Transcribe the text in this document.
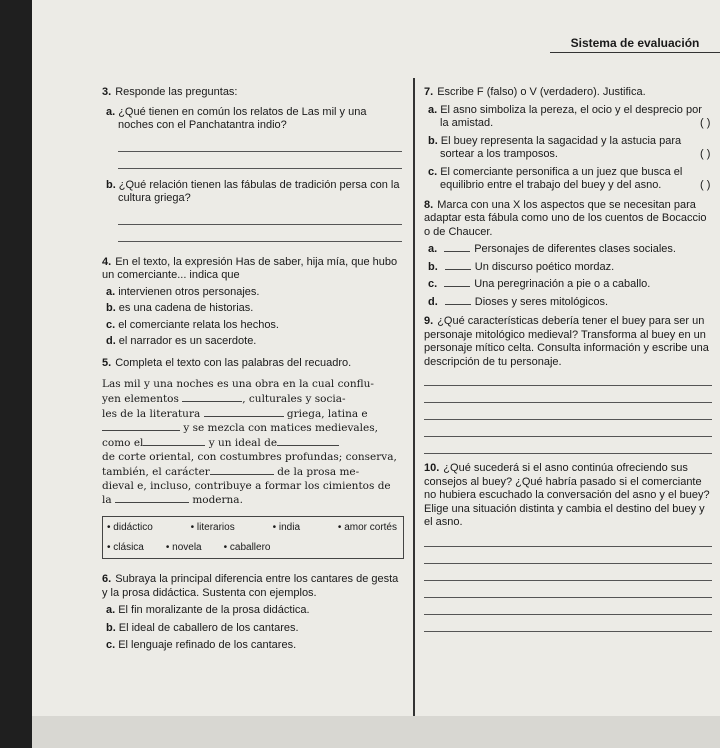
Sistema de evaluación

3. Responde las preguntas:

a. ¿Qué tienen en común los relatos de Las mil y una noches con el Panchatantra indio?

b. ¿Qué relación tienen las fábulas de tradición persa con la cultura griega?

4. En el texto, la expresión Has de saber, hija mía, que hubo un comerciante... indica que

a. intervienen otros personajes.

b. es una cadena de historias.

c. el comerciante relata los hechos.

d. el narrador es un sacerdote.

5. Completa el texto con las palabras del recuadro.

Las mil y una noches es una obra en la cual conflu-
yen elementos	, culturales y socia-
les de la literatura	griega, latina e
y se mezcla con matices medievales,
como el	y un ideal de
de corte oriental, con costumbres profundas; conserva,
también, el carácter	de la prosa me-
dieval e, incluso, contribuye a formar los cimientos de
la	moderna.
• didáctico	• literarios	• india	• amor cortés
• clásica	• novela	• caballero

6. Subraya la principal diferencia entre los cantares de gesta y la prosa didáctica. Sustenta con ejemplos.

a. El fin moralizante de la prosa didáctica.

b. El ideal de caballero de los cantares.

c. El lenguaje refinado de los cantares.

7. Escribe F (falso) o V (verdadero). Justifica.

a. El asno simboliza la pereza, el ocio y el desprecio por la amistad.	( )

b. El buey representa la sagacidad y la astucia para sortear a los tramposos.	( )

c. El comerciante personifica a un juez que busca el equilibrio entre el trabajo del buey y del asno.	( )

8. Marca con una X los aspectos que se necesitan para adaptar esta fábula como uno de los cuentos de Bocaccio o de Chaucer.

a.	Personajes de diferentes clases sociales.

b.	Un discurso poético mordaz.

c.	Una peregrinación a pie o a caballo.

d.	Dioses y seres mitológicos.

9. ¿Qué características debería tener el buey para ser un personaje mitológico medieval? Transforma al buey en un personaje mítico celta. Consulta información y escribe una descripción de tu personaje.

10. ¿Qué sucederá si el asno continúa ofreciendo sus consejos al buey? ¿Qué habría pasado si el comerciante no hubiera escuchado la conversación del asno y el buey? Elige una situación distinta y cambia el destino del buey y el asno.
